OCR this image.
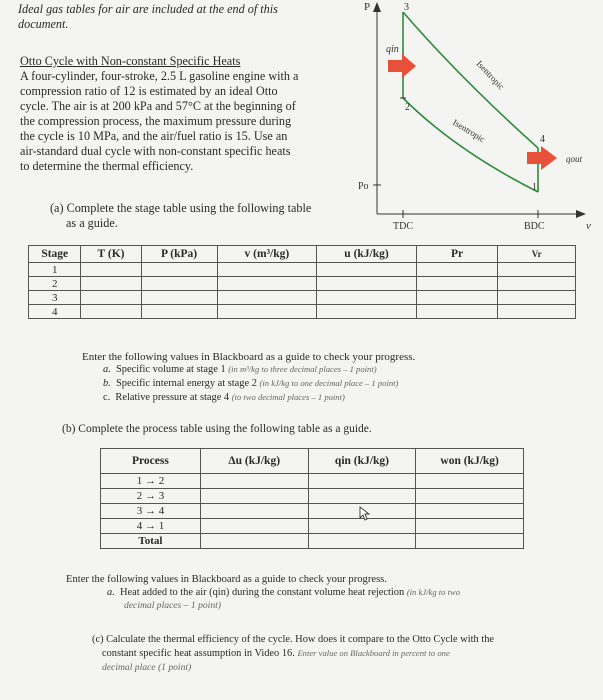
Ideal gas tables for air are included at the end of this
document.
Otto Cycle with Non-constant Specific Heats
A four-cylinder, four-stroke, 2.5 L gasoline engine with a
compression ratio of 12 is estimated by an ideal Otto
cycle. The air is at 200 kPa and 57°C at the beginning of
the compression process, the maximum pressure during
the cycle is 10 MPa, and the air/fuel ratio is 15. Use an
air-standard dual cycle with non-constant specific heats
to determine the thermal efficiency.
3
2
4
1
P
v
Po
TDC	BDC
qin
qout
Isentropic
Isentropic
(a) Complete the stage table using the following table
as a guide.
Stage	T (K)	P (kPa)	v (m³/kg)	u (kJ/kg)	Pr	Vr
1						
2						
3						
4						
Enter the following values in Blackboard as a guide to check your progress.
a. Specific volume at stage 1 (in m³/kg to three decimal places – 1 point)
b. Specific internal energy at stage 2 (in kJ/kg to one decimal place – 1 point)
c. Relative pressure at stage 4 (to two decimal places – 1 point)
(b) Complete the process table using the following table as a guide.
Process	Δu (kJ/kg)	qin (kJ/kg)	won (kJ/kg)
1 → 2			
2 → 3			
3 → 4			
4 → 1			
Total			
Enter the following values in Blackboard as a guide to check your progress.
a. Heat added to the air (qin) during the constant volume heat rejection (in kJ/kg to two
decimal places – 1 point)
(c) Calculate the thermal efficiency of the cycle. How does it compare to the Otto Cycle with the
constant specific heat assumption in Video 16. Enter value on Blackboard in percent to one
decimal place (1 point)
